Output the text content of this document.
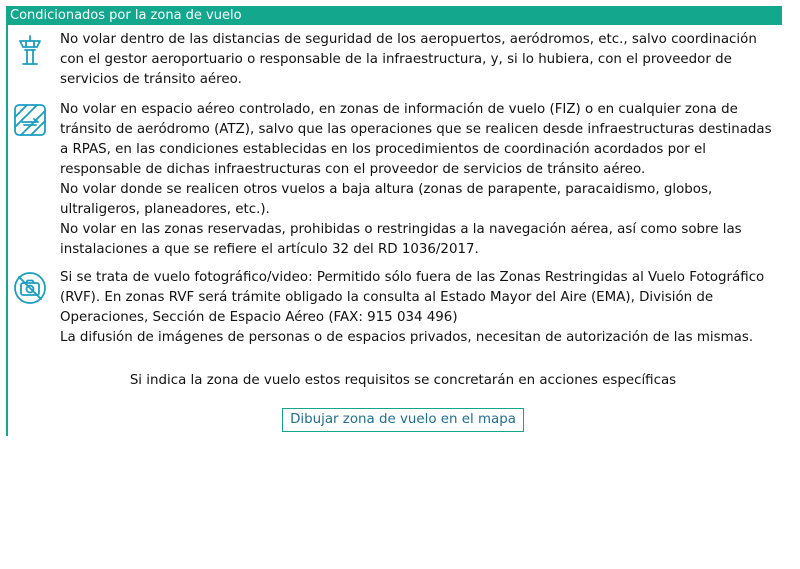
Condicionados por la zona de vuelo

No volar dentro de las distancias de seguridad de los aeropuertos, aeródromos, etc., salvo coordinación con el gestor aeroportuario o responsable de la infraestructura, y, si lo hubiera, con el proveedor de servicios de tránsito aéreo.

No volar en espacio aéreo controlado, en zonas de información de vuelo (FIZ) o en cualquier zona de tránsito de aeródromo (ATZ), salvo que las operaciones que se realicen desde infraestructuras destinadas a RPAS, en las condiciones establecidas en los procedimientos de coordinación acordados por el responsable de dichas infraestructuras con el proveedor de servicios de tránsito aéreo.

No volar donde se realicen otros vuelos a baja altura (zonas de parapente, paracaidismo, globos, ultraligeros, planeadores, etc.).

No volar en las zonas reservadas, prohibidas o restringidas a la navegación aérea, así como sobre las instalaciones a que se refiere el artículo 32 del RD 1036/2017.

Si se trata de vuelo fotográfico/video: Permitido sólo fuera de las Zonas Restringidas al Vuelo Fotográfico (RVF). En zonas RVF será trámite obligado la consulta al Estado Mayor del Aire (EMA), División de Operaciones, Sección de Espacio Aéreo (FAX: 915 034 496)

La difusión de imágenes de personas o de espacios privados, necesitan de autorización de las mismas.

Si indica la zona de vuelo estos requisitos se concretarán en acciones específicas
Dibujar zona de vuelo en el mapa
